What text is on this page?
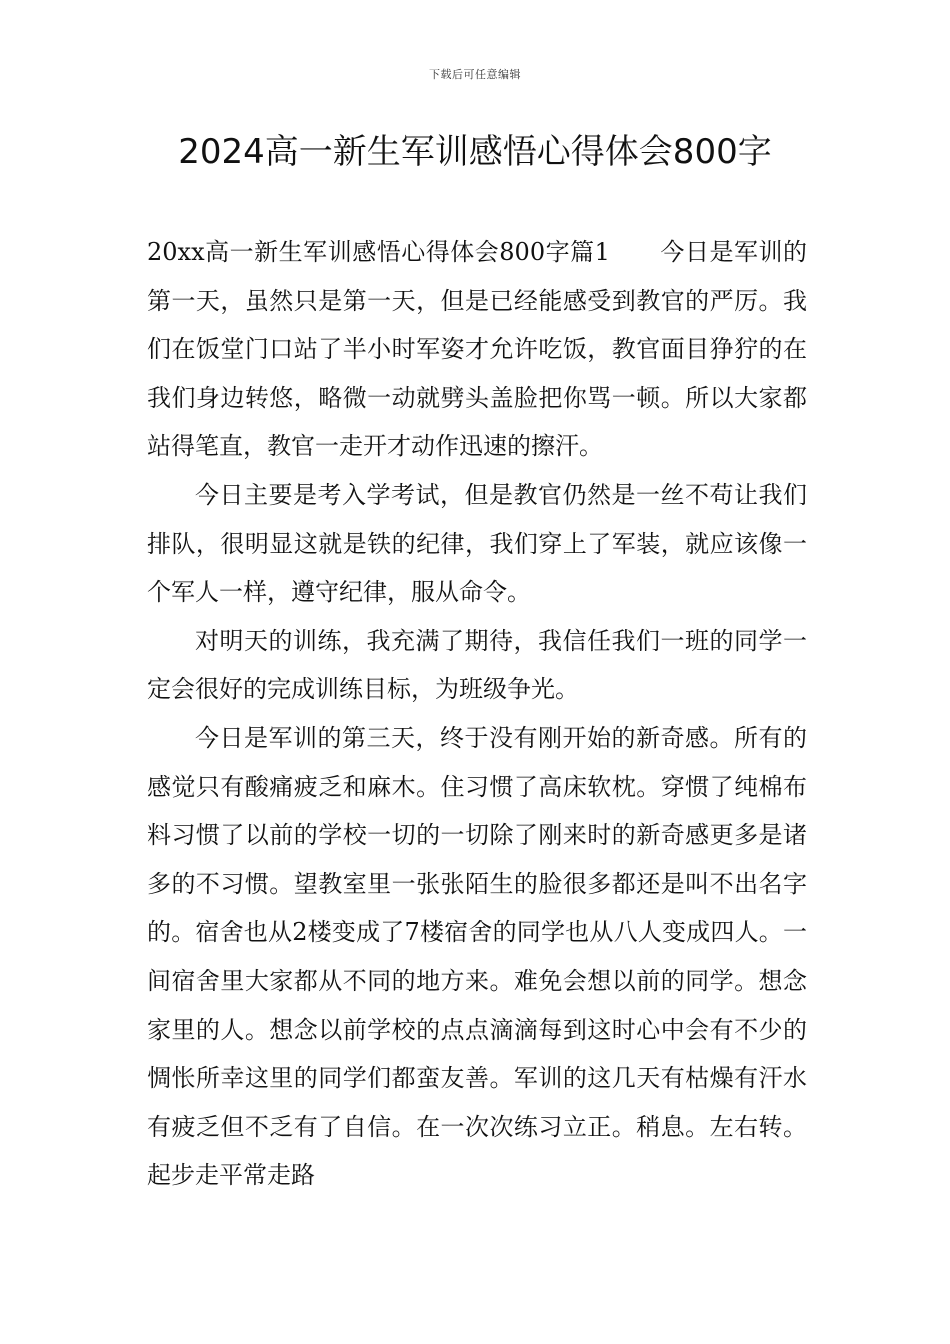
下载后可任意编辑
2024高一新生军训感悟心得体会800字

20xx高一新生军训感悟心得体会800字篇1 今日是军训的第一天，虽然只是第一天，但是已经能感受到教官的严厉。我们在饭堂门口站了半小时军姿才允许吃饭，教官面目狰狞的在我们身边转悠，略微一动就劈头盖脸把你骂一顿。所以大家都站得笔直，教官一走开才动作迅速的擦汗。

今日主要是考入学考试，但是教官仍然是一丝不苟让我们排队，很明显这就是铁的纪律，我们穿上了军装，就应该像一个军人一样，遵守纪律，服从命令。

对明天的训练，我充满了期待，我信任我们一班的同学一定会很好的完成训练目标，为班级争光。

今日是军训的第三天，终于没有刚开始的新奇感。所有的感觉只有酸痛疲乏和麻木。住习惯了高床软枕。穿惯了纯棉布料习惯了以前的学校一切的一切除了刚来时的新奇感更多是诸多的不习惯。望教室里一张张陌生的脸很多都还是叫不出名字的。宿舍也从2楼变成了7楼宿舍的同学也从八人变成四人。一间宿舍里大家都从不同的地方来。难免会想以前的同学。想念家里的人。想念以前学校的点点滴滴每到这时心中会有不少的惆怅所幸这里的同学们都蛮友善。军训的这几天有枯燥有汗水有疲乏但不乏有了自信。在一次次练习立正。稍息。左右转。起步走平常走路
